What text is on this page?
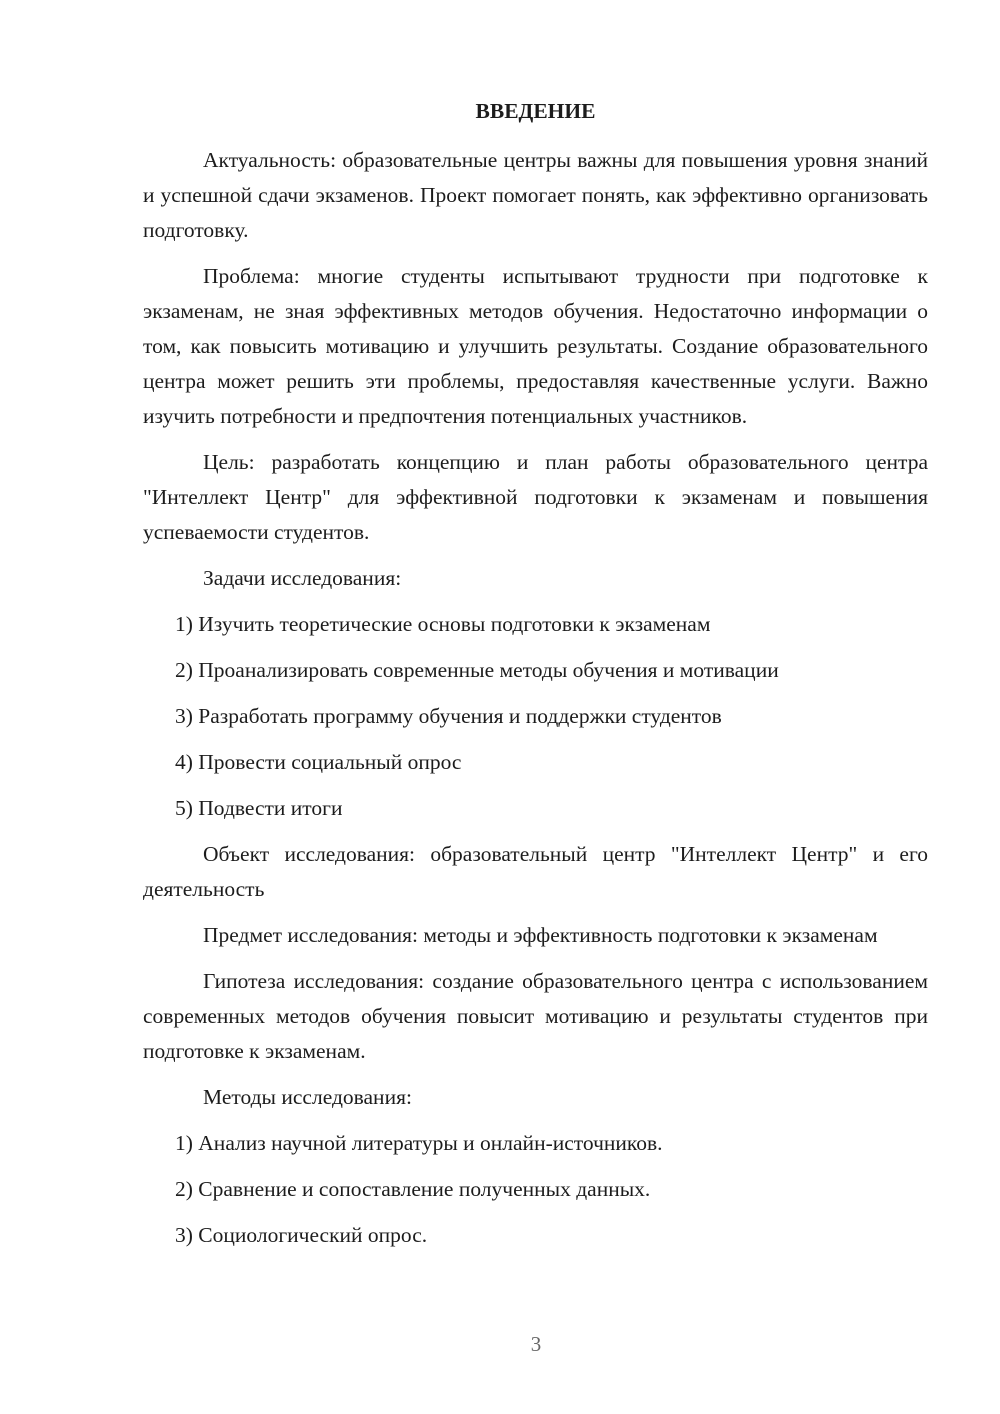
ВВЕДЕНИЕ

Актуальность: образовательные центры важны для повышения уровня знаний и успешной сдачи экзаменов. Проект помогает понять, как эффективно организовать подготовку.

Проблема: многие студенты испытывают трудности при подготовке к экзаменам, не зная эффективных методов обучения. Недостаточно информации о том, как повысить мотивацию и улучшить результаты. Создание образовательного центра может решить эти проблемы, предоставляя качественные услуги. Важно изучить потребности и предпочтения потенциальных участников.

Цель: разработать концепцию и план работы образовательного центра "Интеллект Центр" для эффективной подготовки к экзаменам и повышения успеваемости студентов.

Задачи исследования:

1) Изучить теоретические основы подготовки к экзаменам

2) Проанализировать современные методы обучения и мотивации

3) Разработать программу обучения и поддержки студентов

4) Провести социальный опрос

5) Подвести итоги

Объект исследования: образовательный центр "Интеллект Центр" и его деятельность

Предмет исследования: методы и эффективность подготовки к экзаменам

Гипотеза исследования: создание образовательного центра с использованием современных методов обучения повысит мотивацию и результаты студентов при подготовке к экзаменам.

Методы исследования:

1) Анализ научной литературы и онлайн-источников.

2) Сравнение и сопоставление полученных данных.

3) Социологический опрос.

3
